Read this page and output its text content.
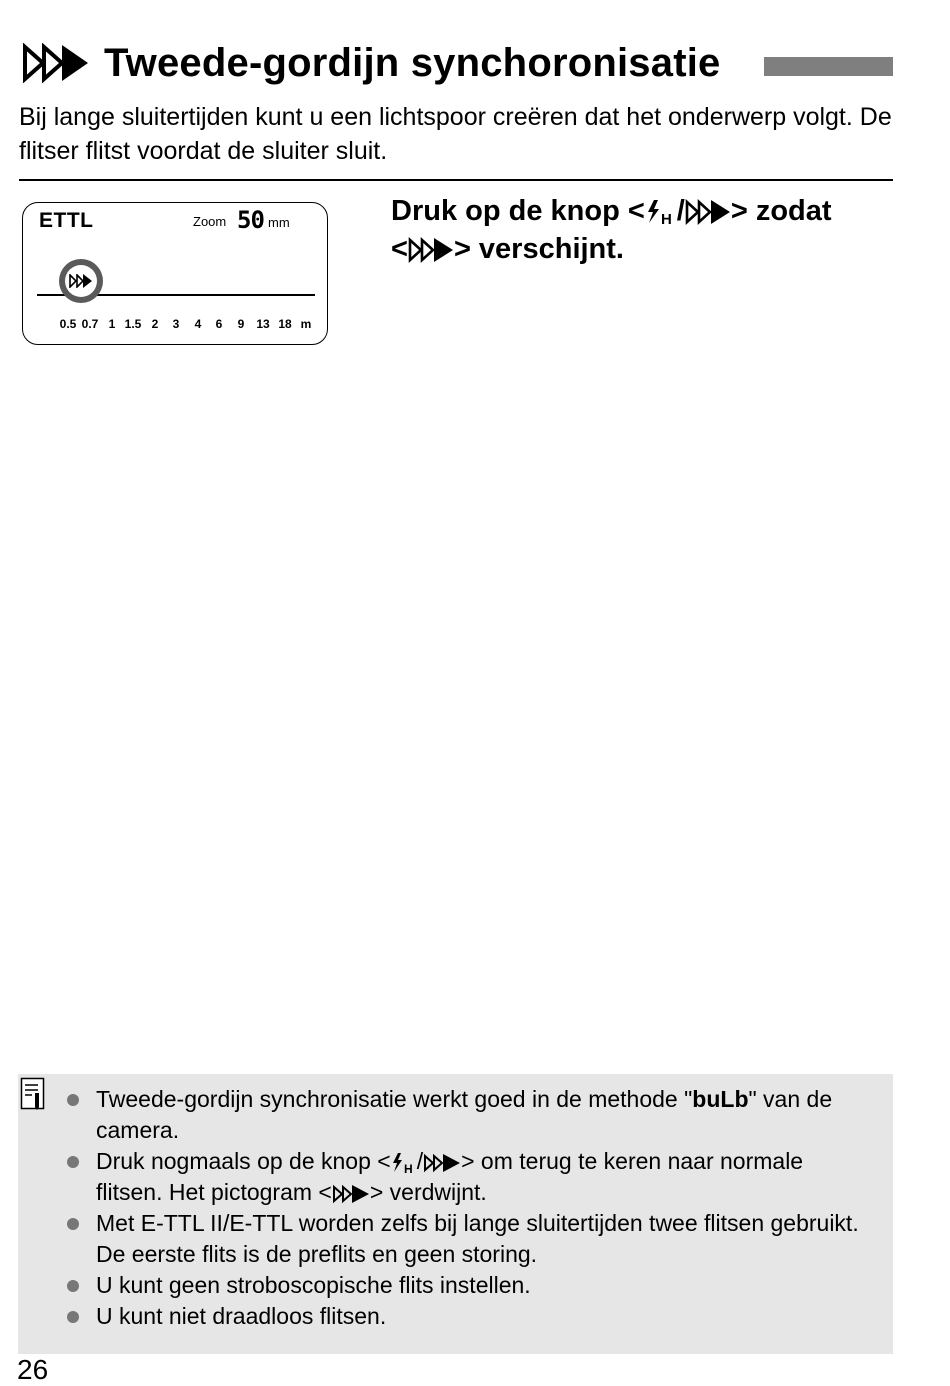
Tweede-gordijn synchoronisatie
Bij lange sluitertijden kunt u een lichtspoor creëren dat het onderwerp volgt. De flitser flitst voordat de sluiter sluit.
ETTL	Zoom 50 mm
0.5 0.7 1 1.5 2 3 4 6 9 13 18 m
Druk op de knop < H / > zodat
< > verschijnt.
Tweede-gordijn synchronisatie werkt goed in de methode "buLb" van de camera.
Druk nogmaals op de knop < H / > om terug te keren naar normale flitsen. Het pictogram < > verdwijnt.
Met E-TTL II/E-TTL worden zelfs bij lange sluitertijden twee flitsen gebruikt. De eerste flits is de preflits en geen storing.
U kunt geen stroboscopische flits instellen.
U kunt niet draadloos flitsen.
26
